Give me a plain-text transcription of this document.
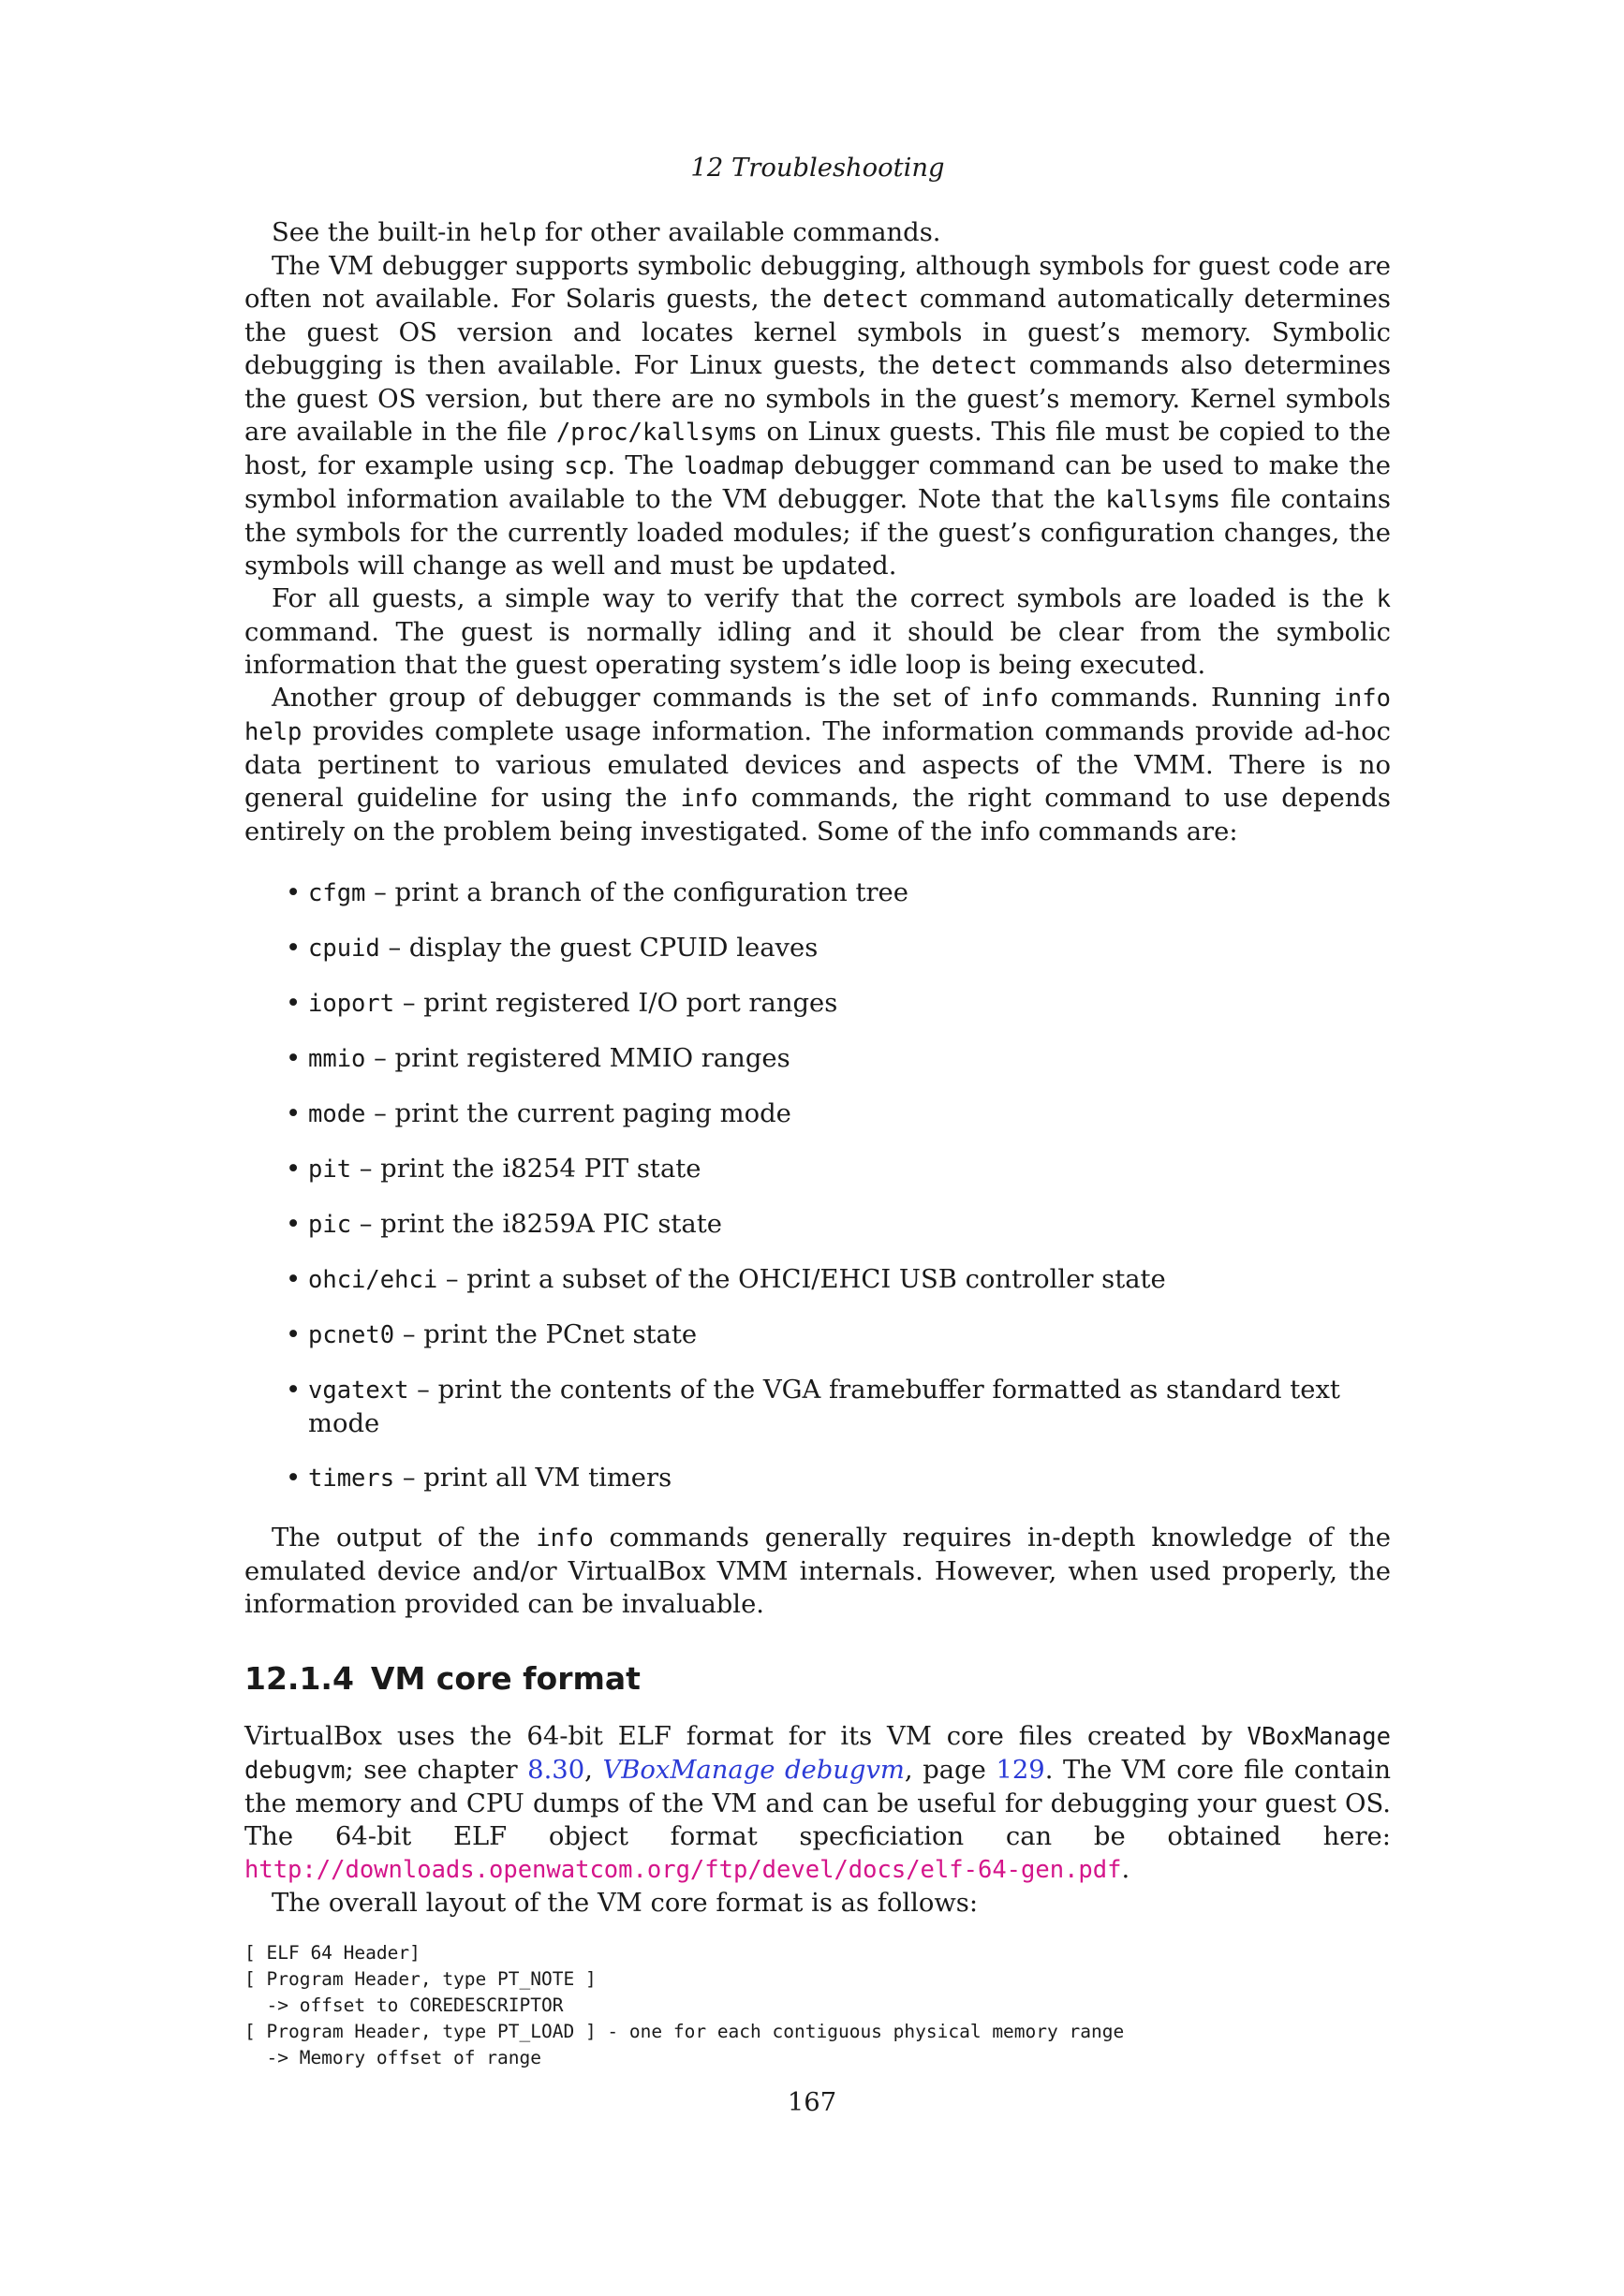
12 Troubleshooting

See the built-in help for other available commands.

The VM debugger supports symbolic debugging, although symbols for guest code are often not available. For Solaris guests, the detect command automatically determines the guest OS version and locates kernel symbols in guest’s memory. Symbolic debugging is then available. For Linux guests, the detect commands also determines the guest OS version, but there are no symbols in the guest’s memory. Kernel symbols are available in the file /proc/kallsyms on Linux guests. This file must be copied to the host, for example using scp. The loadmap debugger command can be used to make the symbol information available to the VM debugger. Note that the kallsyms file contains the symbols for the currently loaded modules; if the guest’s configuration changes, the symbols will change as well and must be updated.

For all guests, a simple way to verify that the correct symbols are loaded is the k command. The guest is normally idling and it should be clear from the symbolic information that the guest operating system’s idle loop is being executed.

Another group of debugger commands is the set of info commands. Running info help provides complete usage information. The information commands provide ad-hoc data pertinent to various emulated devices and aspects of the VMM. There is no general guideline for using the info commands, the right command to use depends entirely on the problem being investigated. Some of the info commands are:

• cfgm – print a branch of the configuration tree
• cpuid – display the guest CPUID leaves
• ioport – print registered I/O port ranges
• mmio – print registered MMIO ranges
• mode – print the current paging mode
• pit – print the i8254 PIT state
• pic – print the i8259A PIC state
• ohci/ehci – print a subset of the OHCI/EHCI USB controller state
• pcnet0 – print the PCnet state
• vgatext – print the contents of the VGA framebuffer formatted as standard text mode
• timers – print all VM timers

The output of the info commands generally requires in-depth knowledge of the emulated device and/or VirtualBox VMM internals. However, when used properly, the information provided can be invaluable.

12.1.4 VM core format

VirtualBox uses the 64-bit ELF format for its VM core files created by VBoxManage debugvm; see chapter 8.30, VBoxManage debugvm, page 129. The VM core file contain the memory and CPU dumps of the VM and can be useful for debugging your guest OS. The 64-bit ELF object format specficiation can be obtained here: http://downloads.openwatcom.org/ftp/devel/docs/elf-64-gen.pdf.

The overall layout of the VM core format is as follows:

[ ELF 64 Header]
[ Program Header, type PT_NOTE ]
-> offset to COREDESCRIPTOR
[ Program Header, type PT_LOAD ] - one for each contiguous physical memory range
-> Memory offset of range
167
